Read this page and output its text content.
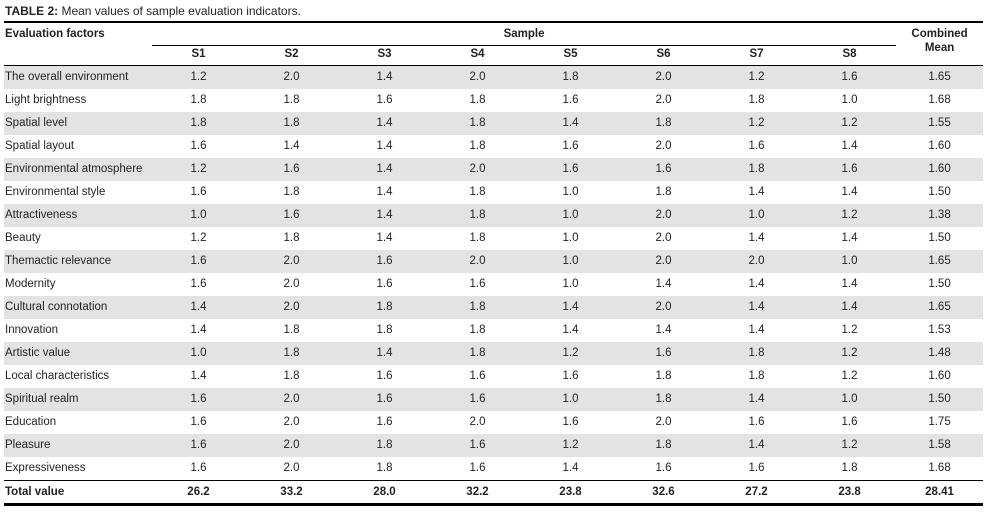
TABLE 2: Mean values of sample evaluation indicators.
Evaluation factors	Sample								Combined Mean
	S1	S2	S3	S4	S5	S6	S7	S8	
The overall environment	1.2	2.0	1.4	2.0	1.8	2.0	1.2	1.6	1.65
Light brightness	1.8	1.8	1.6	1.8	1.6	2.0	1.8	1.0	1.68
Spatial level	1.8	1.8	1.4	1.8	1.4	1.8	1.2	1.2	1.55
Spatial layout	1.6	1.4	1.4	1.8	1.6	2.0	1.6	1.4	1.60
Environmental atmosphere	1.2	1.6	1.4	2.0	1.6	1.6	1.8	1.6	1.60
Environmental style	1.6	1.8	1.4	1.8	1.0	1.8	1.4	1.4	1.50
Attractiveness	1.0	1.6	1.4	1.8	1.0	2.0	1.0	1.2	1.38
Beauty	1.2	1.8	1.4	1.8	1.0	2.0	1.4	1.4	1.50
Themactic relevance	1.6	2.0	1.6	2.0	1.0	2.0	2.0	1.0	1.65
Modernity	1.6	2.0	1.6	1.6	1.0	1.4	1.4	1.4	1.50
Cultural connotation	1.4	2.0	1.8	1.8	1.4	2.0	1.4	1.4	1.65
Innovation	1.4	1.8	1.8	1.8	1.4	1.4	1.4	1.2	1.53
Artistic value	1.0	1.8	1.4	1.8	1.2	1.6	1.8	1.2	1.48
Local characteristics	1.4	1.8	1.6	1.6	1.6	1.8	1.8	1.2	1.60
Spiritual realm	1.6	2.0	1.6	1.6	1.0	1.8	1.4	1.0	1.50
Education	1.6	2.0	1.6	2.0	1.6	2.0	1.6	1.6	1.75
Pleasure	1.6	2.0	1.8	1.6	1.2	1.8	1.4	1.2	1.58
Expressiveness	1.6	2.0	1.8	1.6	1.4	1.6	1.6	1.8	1.68
Total value	26.2	33.2	28.0	32.2	23.8	32.6	27.2	23.8	28.41
